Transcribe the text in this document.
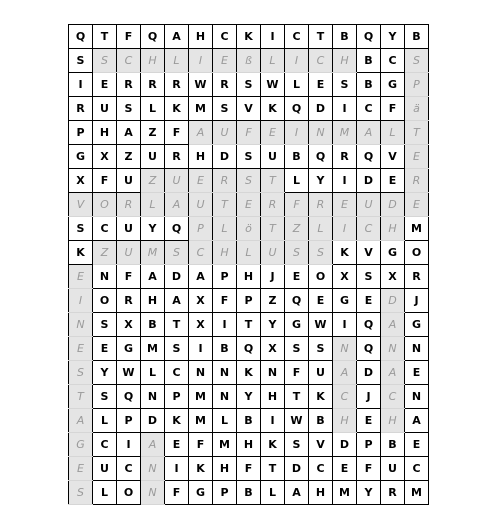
Q	T	F	Q	A	H	C	K	I	C	T	B	Q	Y	B
S	S	C	H	L	I	E	ß	L	I	C	H	B	C	S
I	E	R	R	R	W	R	S	W	L	E	S	B	G	P
R	U	S	L	K	M	S	V	K	Q	D	I	C	F	ä
P	H	A	Z	F	A	U	F	E	I	N	M	A	L	T
G	X	Z	U	R	H	D	S	U	B	Q	R	Q	V	E
X	F	U	Z	U	E	R	S	T	L	Y	I	D	E	R
V	O	R	L	A	U	T	E	R	F	R	E	U	D	E
S	C	U	Y	Q	P	L	ö	T	Z	L	I	C	H	M
K	Z	U	M	S	C	H	L	U	S	S	K	V	G	O
E	N	F	A	D	A	P	H	J	E	O	X	S	X	R
I	O	R	H	A	X	F	P	Z	Q	E	G	E	D	J
N	S	X	B	T	X	I	T	Y	G	W	I	Q	A	G
E	E	G	M	S	I	B	Q	X	S	S	N	Q	N	N
S	Y	W	L	C	N	N	K	N	F	U	A	D	A	E
T	S	Q	N	P	M	N	Y	H	T	K	C	J	C	N
A	L	P	D	K	M	L	B	I	W	B	H	E	H	A
G	C	I	A	E	F	M	H	K	S	V	D	P	B	E
E	U	C	N	I	K	H	F	T	D	C	E	F	U	C
S	L	O	N	F	G	P	B	L	A	H	M	Y	R	M
